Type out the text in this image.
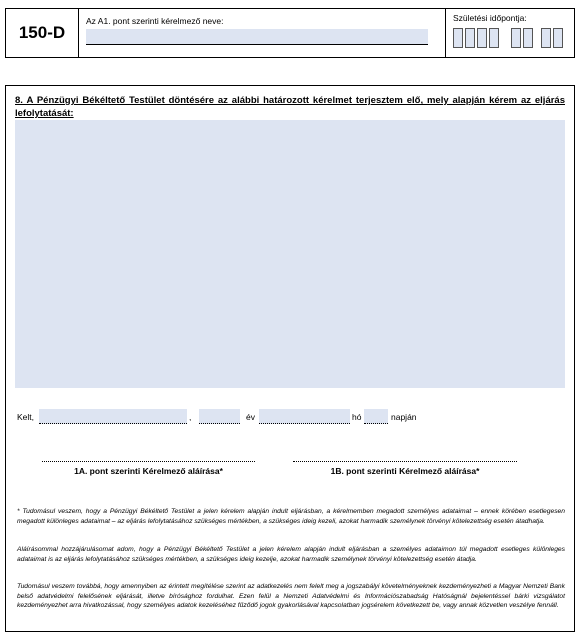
150-D
Az A1. pont szerinti kérelmező neve:	Születési időpontja:
8. A Pénzügyi Békéltető Testület döntésére az alábbi határozott kérelmet terjesztem elő, mely alapján kérem az eljárás lefolytatását:
Kelt,	,	év	hó	napján
1A. pont szerinti Kérelmező aláírása*	1B. pont szerinti Kérelmező aláírása*
* Tudomásul veszem, hogy a Pénzügyi Békéltető Testület a jelen kérelem alapján indult eljárásban, a kérelmemben megadott személyes adataimat – ennek körében esetlegesen megadott különleges adataimat – az eljárás lefolytatásához szükséges mértékben, a szükséges ideig kezeli, azokat harmadik személynek törvényi kötelezettség esetén átadhatja.
Aláírásommal hozzájárulásomat adom, hogy a Pénzügyi Békéltető Testület a jelen kérelem alapján indult eljárásban a személyes adataimon túl megadott esetleges különleges adataimat is az eljárás lefolytatásához szükséges mértékben, a szükséges ideig kezelje, azokat harmadik személynek törvényi kötelezettség esetén átadja.
Tudomásul veszem továbbá, hogy amennyiben az érintett megítélése szerint az adatkezelés nem felelt meg a jogszabályi követelményeknek kezdeményezheti a Magyar Nemzeti Bank belső adatvédelmi felelősének eljárását, illetve bírósághoz fordulhat. Ezen felül a Nemzeti Adatvédelmi és Információszabadság Hatóságnál bejelentéssel bárki vizsgálatot kezdeményezhet arra hivatkozással, hogy személyes adatok kezeléséhez fűződő jogok gyakorlásával kapcsolatban jogsérelem következett be, vagy annak közvetlen veszélye fennáll.
